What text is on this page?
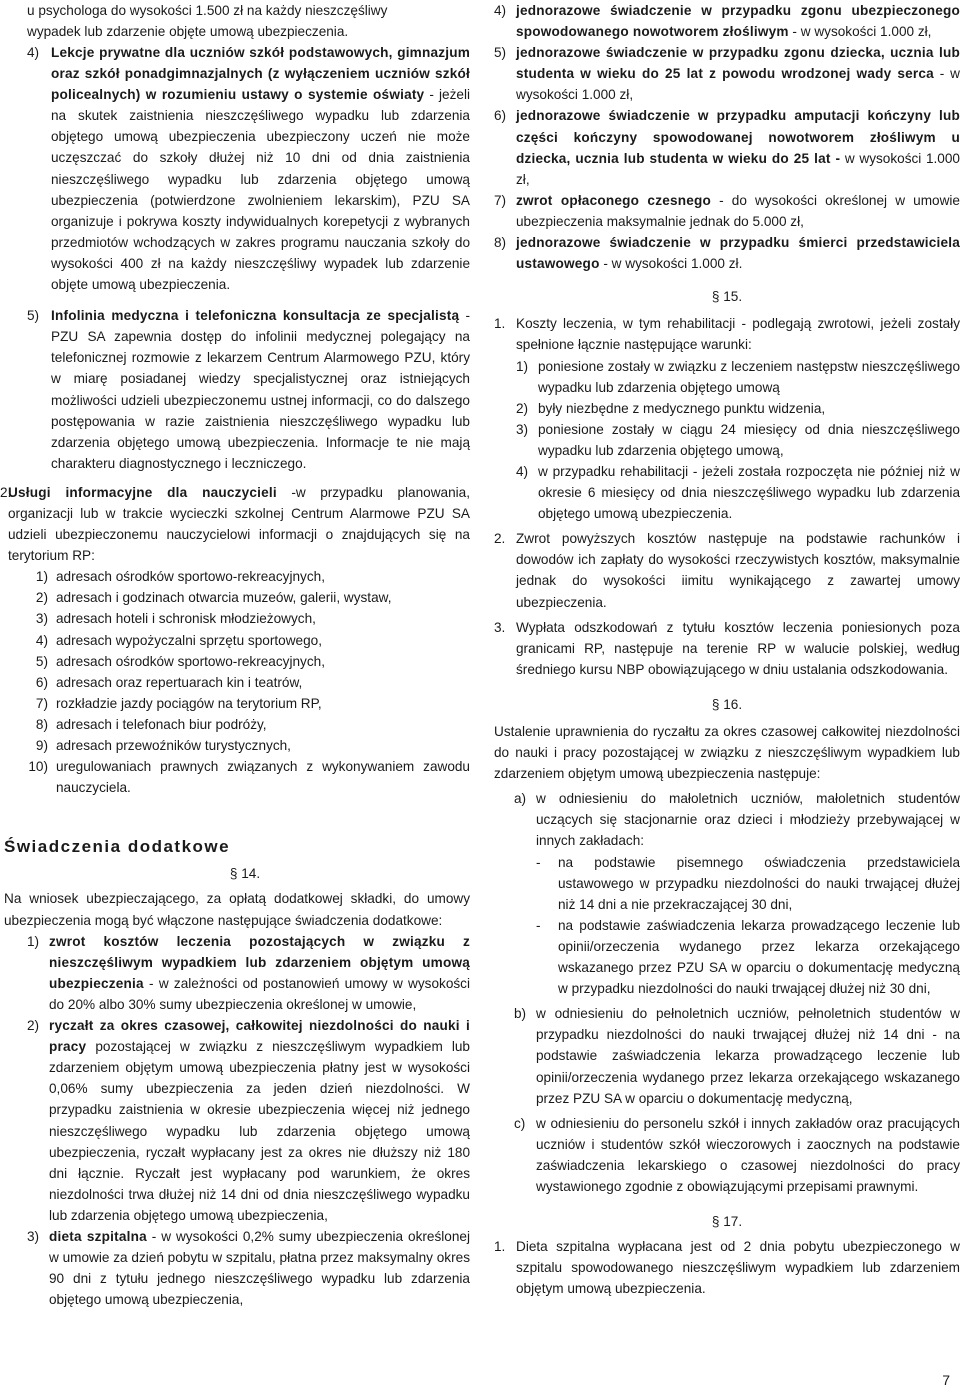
u psychologa do wysokości 1.500 zł na każdy nieszczęśliwy

wypadek lub zdarzenie objęte umową ubezpieczenia.

4) Lekcje prywatne dla uczniów szkół podstawowych, gimnazjum oraz szkół ponadgimnazjalnych (z wyłączeniem uczniów szkół policealnych) w rozumieniu ustawy o systemie oświaty - jeżeli na skutek zaistnienia nieszczęśliwego wypadku lub zdarzenia objętego umową ubezpieczenia ubezpieczony uczeń nie może uczęszczać do szkoły dłużej niż 10 dni od dnia zaistnienia nieszczęśliwego wypadku lub zdarzenia objętego umową ubezpieczenia (potwierdzone zwolnieniem lekarskim), PZU SA organizuje i pokrywa koszty indywidualnych korepetycji z wybranych przedmiotów wchodzących w zakres programu nauczania szkoły do wysokości 400 zł na każdy nieszczęśliwy wypadek lub zdarzenie objęte umową ubezpieczenia.

5) Infolinia medyczna i telefoniczna konsultacja ze specjalistą - PZU SA zapewnia dostęp do infolinii medycznej polegający na telefonicznej rozmowie z lekarzem Centrum Alarmowego PZU, który w miarę posiadanej wiedzy specjalistycznej oraz istniejących możliwości udzieli ubezpieczonemu ustnej informacji, co do dalszego postępowania w razie zaistnienia nieszczęśliwego wypadku lub zdarzenia objętego umową ubezpieczenia. Informacje te nie mają charakteru diagnostycznego i leczniczego.

2.

Usługi informacyjne dla nauczycieli -w przypadku planowania, organizacji lub w trakcie wycieczki szkolnej Centrum Alarmowe PZU SA udzieli ubezpieczonemu nauczycielowi informacji o znajdujących się na terytorium RP:

1) adresach ośrodków sportowo-rekreacyjnych,

2) adresach i godzinach otwarcia muzeów, galerii, wystaw,

3) adresach hoteli i schronisk młodzieżowych,

4) adresach wypożyczalni sprzętu sportowego,

5) adresach ośrodków sportowo-rekreacyjnych,

6) adresach oraz repertuarach kin i teatrów,

7) rozkładzie jazdy pociągów na terytorium RP,

8) adresach i telefonach biur podróży,

9) adresach przewoźników turystycznych,

10) uregulowaniach prawnych związanych z wykonywaniem zawodu nauczyciela.

Świadczenia dodatkowe

§ 14.

Na wniosek ubezpieczającego, za opłatą dodatkowej składki, do umowy ubezpieczenia mogą być włączone następujące świadczenia dodatkowe:

1) zwrot kosztów leczenia pozostających w związku z nieszczęśliwym wypadkiem lub zdarzeniem objętym umową ubezpieczenia - w zależności od postanowień umowy w wysokości do 20% albo 30% sumy ubezpieczenia określonej w umowie,

2) ryczałt za okres czasowej, całkowitej niezdolności do nauki i pracy pozostającej w związku z nieszczęśliwym wypadkiem lub zdarzeniem objętym umową ubezpieczenia płatny jest w wysokości 0,06% sumy ubezpieczenia za jeden dzień niezdolności. W przypadku zaistnienia w okresie ubezpieczenia więcej niż jednego nieszczęśliwego wypadku lub zdarzenia objętego umową ubezpieczenia, ryczałt wypłacany jest za okres nie dłuższy niż 180 dni łącznie. Ryczałt jest wypłacany pod warunkiem, że okres niezdolności trwa dłużej niż 14 dni od dnia nieszczęśliwego wypadku lub zdarzenia objętego umową ubezpieczenia,

3) dieta szpitalna - w wysokości 0,2% sumy ubezpieczenia określonej w umowie za dzień pobytu w szpitalu, płatna przez maksymalny okres 90 dni z tytułu jednego nieszczęśliwego wypadku lub zdarzenia objętego umową ubezpieczenia,

4) jednorazowe świadczenie w przypadku zgonu ubezpieczonego spowodowanego nowotworem złośliwym - w wysokości 1.000 zł,

5) jednorazowe świadczenie w przypadku zgonu dziecka, ucznia lub studenta w wieku do 25 lat z powodu wrodzonej wady serca - w wysokości 1.000 zł,

6) jednorazowe świadczenie w przypadku amputacji kończyny lub części kończyny spowodowanej nowotworem złośliwym u dziecka, ucznia lub studenta w wieku do 25 lat - w wysokości 1.000 zł,

7) zwrot opłaconego czesnego - do wysokości określonej w umowie ubezpieczenia maksymalnie jednak do 5.000 zł,

8) jednorazowe świadczenie w przypadku śmierci przedstawiciela ustawowego - w wysokości 1.000 zł.

§ 15.

1. Koszty leczenia, w tym rehabilitacji - podlegają zwrotowi, jeżeli zostały spełnione łącznie następujące warunki:

1) poniesione zostały w związku z leczeniem następstw nieszczęśliwego wypadku lub zdarzenia objętego umową

2) były niezbędne z medycznego punktu widzenia,

3) poniesione zostały w ciągu 24 miesięcy od dnia nieszczęśliwego wypadku lub zdarzenia objętego umową,

4) w przypadku rehabilitacji - jeżeli została rozpoczęta nie później niż w okresie 6 miesięcy od dnia nieszczęśliwego wypadku lub zdarzenia objętego umową ubezpieczenia.

2. Zwrot powyższych kosztów następuje na podstawie rachunków i dowodów ich zapłaty do wysokości rzeczywistych kosztów, maksymalnie jednak do wysokości iimitu wynikającego z zawartej umowy ubezpieczenia.

3. Wypłata odszkodowań z tytułu kosztów leczenia poniesionych poza granicami RP, następuje na terenie RP w walucie polskiej, według średniego kursu NBP obowiązującego w dniu ustalania odszkodowania.

§ 16.

Ustalenie uprawnienia do ryczałtu za okres czasowej całkowitej niezdolności do nauki i pracy pozostającej w związku z nieszczęśliwym wypadkiem lub zdarzeniem objętym umową ubezpieczenia następuje:

a) w odniesieniu do małoletnich uczniów, małoletnich studentów uczących się stacjonarnie oraz dzieci i młodzieży przebywającej w innych zakładach:

-	na podstawie pisemnego oświadczenia przedstawiciela ustawowego w przypadku niezdolności do nauki trwającej dłużej niż 14 dni a nie przekraczającej 30 dni,

-	na podstawie zaświadczenia lekarza prowadzącego leczenie lub opinii/orzeczenia wydanego przez lekarza orzekającego wskazanego przez PZU SA w oparciu o dokumentację medyczną w przypadku niezdolności do nauki trwającej dłużej niż 30 dni,

b) w odniesieniu do pełnoletnich uczniów, pełnoletnich studentów w przypadku niezdolności do nauki trwającej dłużej niż 14 dni - na podstawie zaświadczenia lekarza prowadzącego leczenie lub opinii/orzeczenia wydanego przez lekarza orzekającego wskazanego przez PZU SA w oparciu o dokumentację medyczną,

c) w odniesieniu do personelu szkół i innych zakładów oraz pracujących uczniów i studentów szkół wieczorowych i zaocznych na podstawie zaświadczenia lekarskiego o czasowej niezdolności do pracy wystawionego zgodnie z obowiązującymi przepisami prawnymi.

§ 17.

1. Dieta szpitalna wypłacana jest od 2 dnia pobytu ubezpieczonego w szpitalu spowodowanego nieszczęśliwym wypadkiem lub zdarzeniem objętym umową ubezpieczenia.

7
